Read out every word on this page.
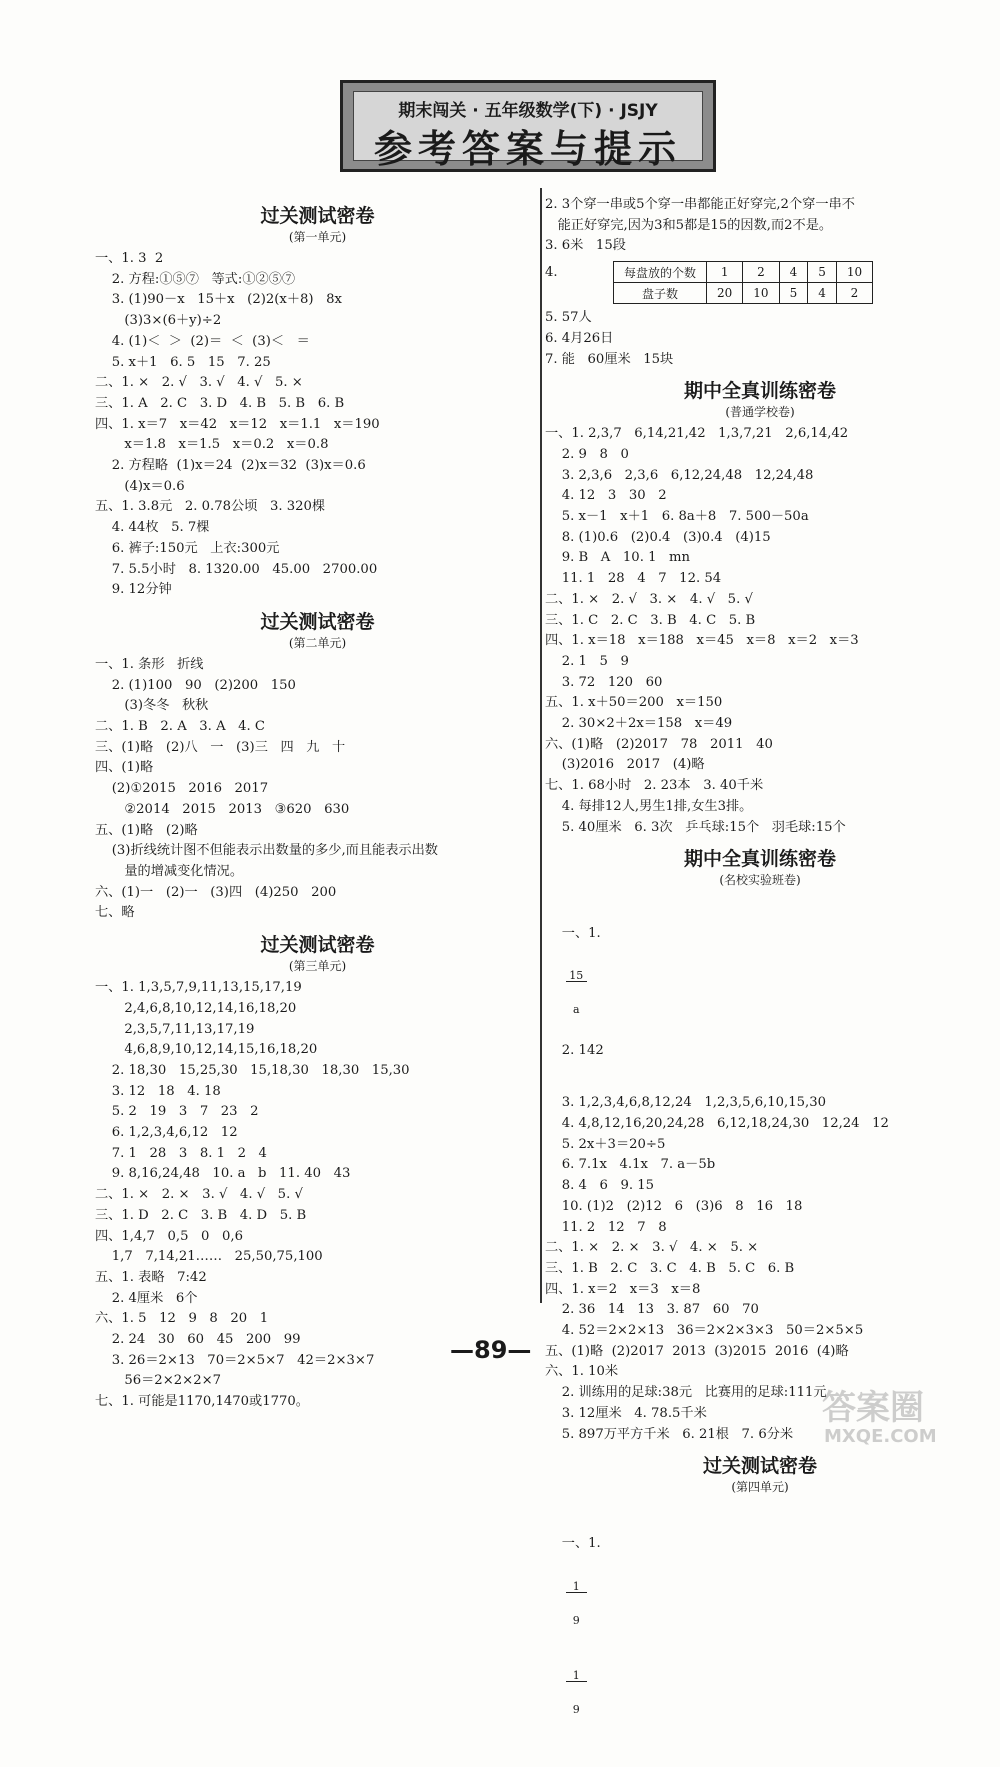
期末闯关 · 五年级数学(下) · JSJY
参考答案与提示
过关测试密卷
(第一单元)
一、1. 3  2
2. 方程:①⑤⑦   等式:①②⑤⑦
3. (1)90－x   15＋x   (2)2(x＋8)   8x
(3)3×(6＋y)÷2
4. (1)＜  ＞  (2)＝  ＜  (3)＜   ＝
5. x＋1   6. 5   15   7. 25
二、1. ×   2. √   3. √   4. √   5. ×
三、1. A   2. C   3. D   4. B   5. B   6. B
四、1. x＝7   x＝42   x＝12   x＝1.1   x＝190
x＝1.8   x＝1.5   x＝0.2   x＝0.8
2. 方程略  (1)x＝24  (2)x＝32  (3)x＝0.6
(4)x＝0.6
五、1. 3.8元   2. 0.78公顷   3. 320棵
4. 44枚   5. 7棵
6. 裤子:150元   上衣:300元
7. 5.5小时   8. 1320.00   45.00   2700.00
9. 12分钟
过关测试密卷
(第二单元)
一、1. 条形   折线
2. (1)100   90   (2)200   150
(3)冬冬   秋秋
二、1. B   2. A   3. A   4. C
三、(1)略   (2)八   一   (3)三   四   九   十
四、(1)略
(2)①2015   2016   2017
②2014   2015   2013   ③620   630
五、(1)略   (2)略
(3)折线统计图不但能表示出数量的多少,而且能表示出数
量的增减变化情况。
六、(1)一   (2)一   (3)四   (4)250   200
七、略
过关测试密卷
(第三单元)
一、1. 1,3,5,7,9,11,13,15,17,19
2,4,6,8,10,12,14,16,18,20
2,3,5,7,11,13,17,19
4,6,8,9,10,12,14,15,16,18,20
2. 18,30   15,25,30   15,18,30   18,30   15,30
3. 12   18   4. 18
5. 2   19   3   7   23   2
6. 1,2,3,4,6,12   12
7. 1   28   3   8. 1   2   4
9. 8,16,24,48   10. a   b   11. 40   43
二、1. ×   2. ×   3. √   4. √   5. √
三、1. D   2. C   3. B   4. D   5. B
四、1,4,7   0,5   0   0,6
1,7   7,14,21……   25,50,75,100
五、1. 表略   7:42
2. 4厘米   6个
六、1. 5   12   9   8   20   1
2. 24   30   60   45   200   99
3. 26＝2×13   70＝2×5×7   42＝2×3×7
56＝2×2×2×7
七、1. 可能是1170,1470或1770。
2. 3个穿一串或5个穿一串都能正好穿完,2个穿一串不
能正好穿完,因为3和5都是15的因数,而2不是。
3. 6米   15段
4.	每盘放的个数	1	2	4	5	10
盘子数	20	10	5	4	2
5. 57人
6. 4月26日
7. 能   60厘米   15块
期中全真训练密卷
(普通学校卷)
一、1. 2,3,7   6,14,21,42   1,3,7,21   2,6,14,42
2. 9   8   0
3. 2,3,6   2,3,6   6,12,24,48   12,24,48
4. 12   3   30   2
5. x－1   x＋1   6. 8a＋8   7. 500－50a
8. (1)0.6   (2)0.4   (3)0.4   (4)15
9. B   A   10. 1   mn
11. 1   28   4   7   12. 54
二、1. ×   2. √   3. ×   4. √   5. √
三、1. C   2. C   3. B   4. C   5. B
四、1. x＝18   x＝188   x＝45   x＝8   x＝2   x＝3
2. 1   5   9
3. 72   120   60
五、1. x＋50＝200   x＝150
2. 30×2＋2x＝158   x＝49
六、(1)略   (2)2017   78   2011   40
(3)2016   2017   (4)略
七、1. 68小时   2. 23本   3. 40千米
4. 每排12人,男生1排,女生3排。
5. 40厘米   6. 3次   乒乓球:15个   羽毛球:15个
期中全真训练密卷
(名校实验班卷)

一、1.

$\frac{15}{a}$

2. 142

3. 1,2,3,4,6,8,12,24   1,2,3,5,6,10,15,30
4. 4,8,12,16,20,24,28   6,12,18,24,30   12,24   12
5. 2x＋3＝20÷5
6. 7.1x   4.1x   7. a－5b
8. 4   6   9. 15
10. (1)2   (2)12   6   (3)6   8   16   18
11. 2   12   7   8
二、1. ×   2. ×   3. √   4. ×   5. ×
三、1. B   2. C   3. C   4. B   5. C   6. B
四、1. x＝2   x＝3   x＝8
2. 36   14   13   3. 87   60   70
4. 52＝2×2×13   36＝2×2×3×3   50＝2×5×5
五、(1)略  (2)2017  2013  (3)2015  2016  (4)略
六、1. 10米
2. 训练用的足球:38元   比赛用的足球:111元
3. 12厘米   4. 78.5千米
5. 897万平方千米   6. 21根   7. 6分米
过关测试密卷
(第四单元)

一、1.

$\frac{1}{9}$

$\frac{1}{9}$

—89—
答案圈
MXQE.COM
